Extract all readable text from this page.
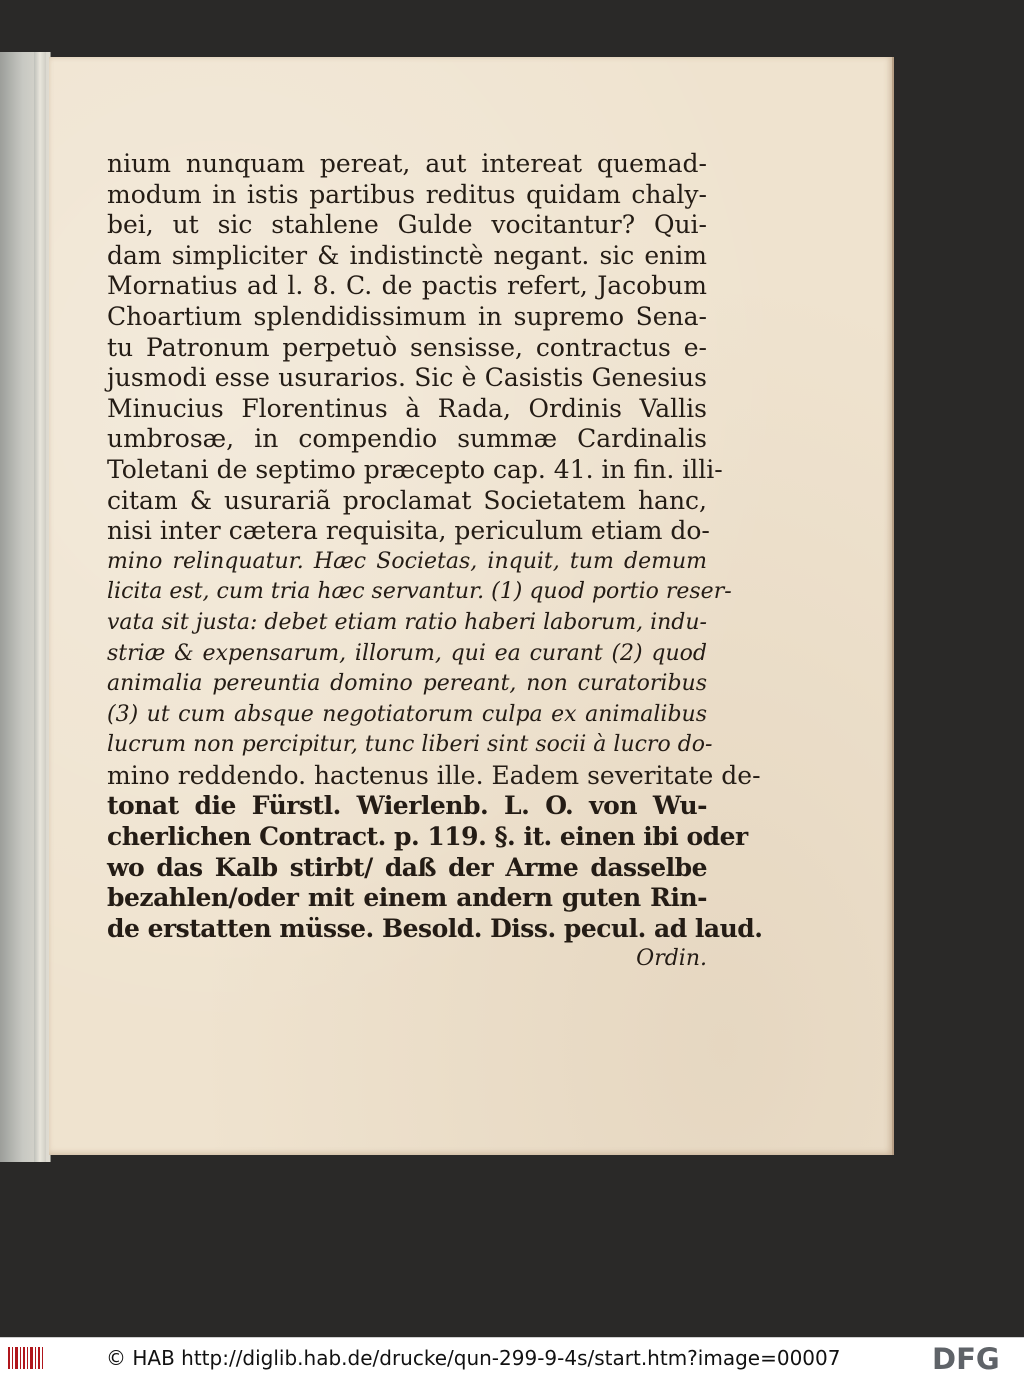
nium nunquam pereat, aut intereat quemad-
modum in istis partibus reditus quidam chaly-
bei, ut sic stahlene Gulde vocitantur? Qui-
dam simpliciter & indistinctè negant. sic enim
Mornatius ad l. 8. C. de pactis refert, Jacobum
Choartium splendidissimum in supremo Sena-
tu Patronum perpetuò sensisse, contractus e-
jusmodi esse usurarios. Sic è Casistis Genesius
Minucius Florentinus à Rada, Ordinis Vallis
umbrosæ, in compendio summæ Cardinalis
Toletani de septimo præcepto cap. 41. in fin. illi-
citam & usurariã proclamat Societatem hanc,
nisi inter cætera requisita, periculum etiam do-
mino relinquatur. Hæc Societas, inquit, tum demum
licita est, cum tria hæc servantur. (1) quod portio reser-
vata sit justa: debet etiam ratio haberi laborum, indu-
striæ & expensarum, illorum, qui ea curant (2) quod
animalia pereuntia domino pereant, non curatoribus
(3) ut cum absque negotiatorum culpa ex animalibus
lucrum non percipitur, tunc liberi sint socii à lucro do-
mino reddendo. hactenus ille. Eadem severitate de-
tonat die Fürstl. Wierlenb. L. O. von Wu-
cherlichen Contract. p. 119. §. it. einen ibi oder
wo das Kalb stirbt/ daß der Arme dasselbe
bezahlen/oder mit einem andern guten Rin-
de erstatten müsse. Besold. Diss. pecul. ad laud.
Ordin.
© HAB http://diglib.hab.de/drucke/qun-299-9-4s/start.htm?image=00007	DFG
